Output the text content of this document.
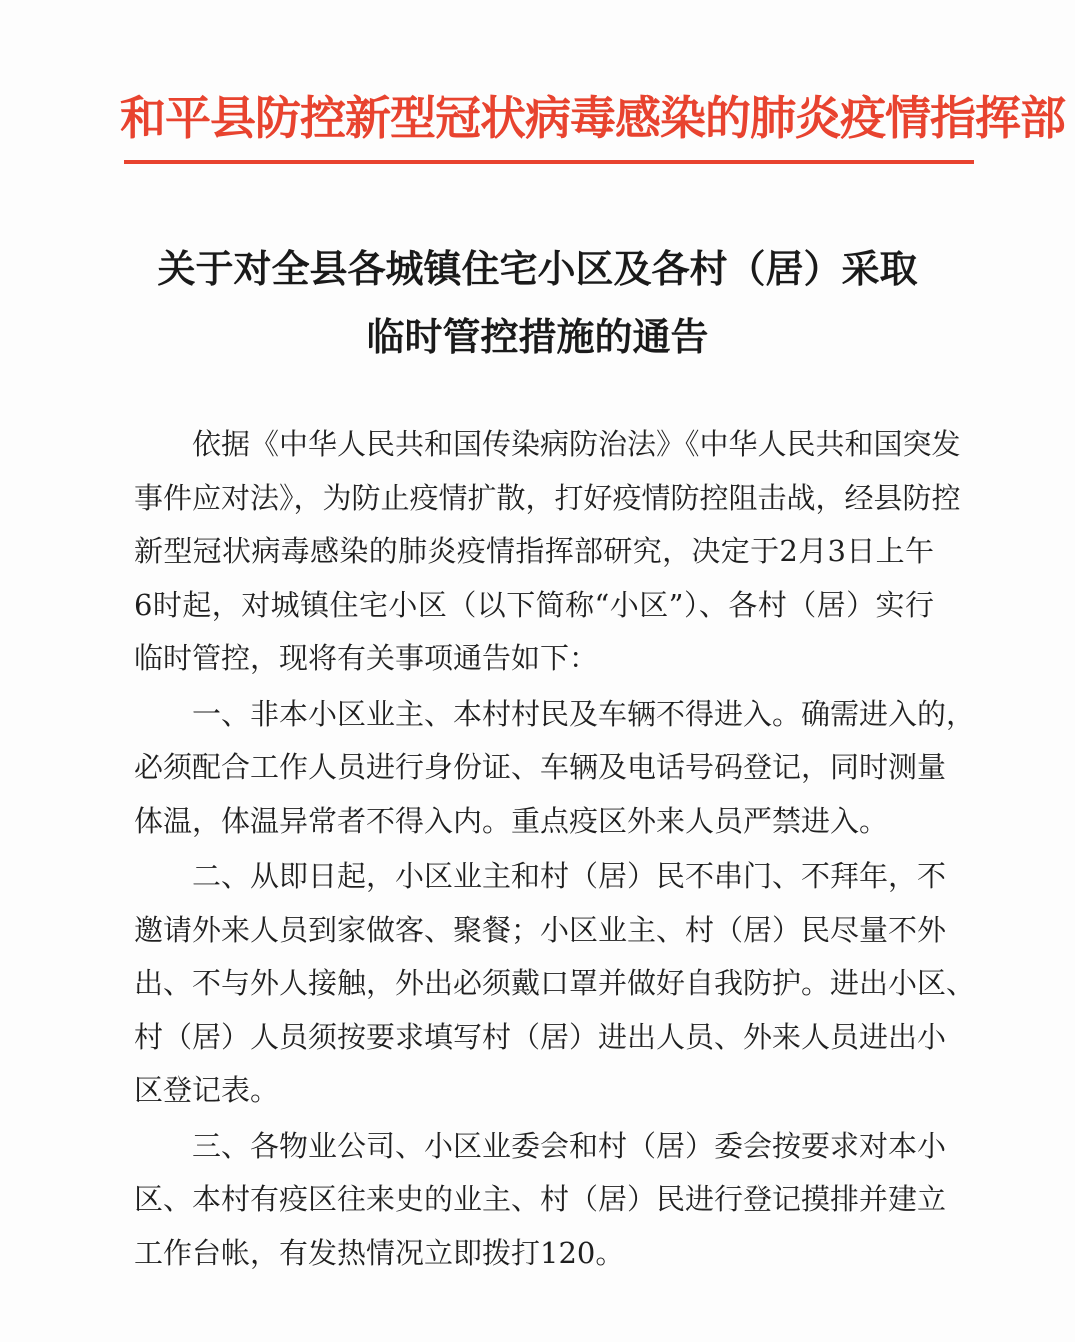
和平县防控新型冠状病毒感染的肺炎疫情指挥部
关于对全县各城镇住宅小区及各村（居）采取
临时管控措施的通告
依据《中华人民共和国传染病防治法》《中华人民共和国突发
事件应对法》，为防止疫情扩散，打好疫情防控阻击战，经县防控
新型冠状病毒感染的肺炎疫情指挥部研究，决定于2月3日上午
6时起，对城镇住宅小区（以下简称“小区”）、各村（居）实行
临时管控，现将有关事项通告如下：
一、非本小区业主、本村村民及车辆不得进入。确需进入的，
必须配合工作人员进行身份证、车辆及电话号码登记，同时测量
体温，体温异常者不得入内。重点疫区外来人员严禁进入。
二、从即日起，小区业主和村（居）民不串门、不拜年，不
邀请外来人员到家做客、聚餐；小区业主、村（居）民尽量不外
出、不与外人接触，外出必须戴口罩并做好自我防护。进出小区、
村（居）人员须按要求填写村（居）进出人员、外来人员进出小
区登记表。
三、各物业公司、小区业委会和村（居）委会按要求对本小
区、本村有疫区往来史的业主、村（居）民进行登记摸排并建立
工作台帐，有发热情况立即拨打120。
